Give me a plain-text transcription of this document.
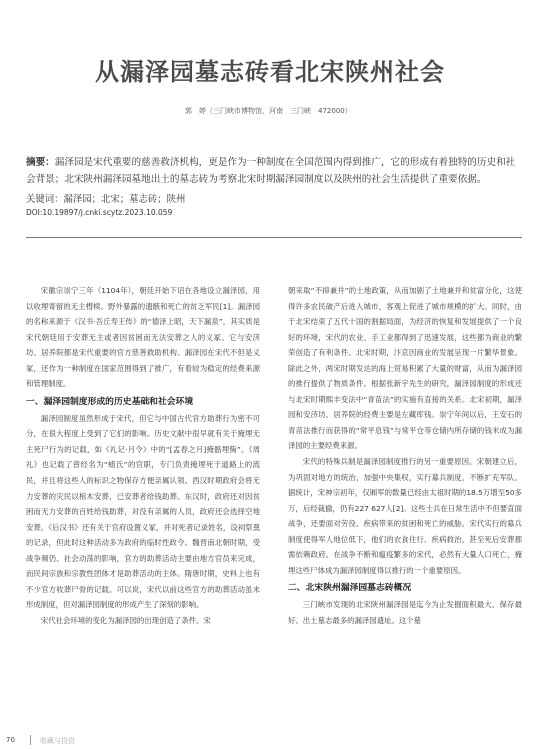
从漏泽园墓志砖看北宋陕州社会
郭　婷（三门峡市博物馆，河南　三门峡　472000）
摘要：漏泽园是宋代重要的慈善救济机构，更是作为一种制度在全国范围内得到推广，它的形成有着独特的历史和社会背景；北宋陕州漏泽园墓地出土的墓志砖为考察北宋时期漏泽园制度以及陕州的社会生活提供了重要依据。
关键词：漏泽园；北宋；墓志砖；陕州
DOI:10.19897/j.cnki.scytz.2023.10.059

宋徽宗崇宁三年（1104年），朝廷开始下诏在各地设立漏泽园，用以收埋寄留的无主槥椟、野外暴露的遗骸和死亡的贫乏军民[1]。漏泽园的名称来源于《汉书·吾丘寿王传》的“德泽上昭，天下漏泉”，其实质是宋代朝廷用于安葬无主或者因贫困而无法安葬之人的义冢。它与安济坊、居养院都是宋代重要的官方慈善救助机构。漏泽园在宋代不但是义冢，还作为一种制度在国家范围得到了推广，有着较为稳定的经费来源和管理制度。

一、漏泽园制度形成的历史基础和社会环境

漏泽园制度虽然形成于宋代，但它与中国古代官方助葬行为密不可分，在很大程度上受到了它们的影响。历史文献中很早就有关于掩埋无主死尸行为的记载，如《礼记·月令》中的“[孟春之月]掩骼埋胔”。《周礼》也记载了曾经名为“蜡氏”的官职，专门负责掩埋死于道路上的流民，并且将这些人的标识之物保存方便亲属认领。西汉时期政府会将无力安葬的灾民以棺木安葬，已安葬者给钱助葬。东汉时，政府还对因贫困而无力安葬的百姓给钱助葬，对没有亲属的人员，政府还会选择空地安葬。《后汉书》还有关于官府设置义冢，并对死者记录姓名，设祠祭奠的记录，但此时这种活动多为政府的临时性政令。魏晋南北朝时期，受战争频仍、社会动荡的影响，官方的助葬活动主要由地方官员来完成，而民间宗族和宗教性团体才是助葬活动的主体。隋唐时期，史料上也有不少官方收葬尸骨的记载。可以说，宋代以前这些官方的助葬活动虽未形成制度，但对漏泽园制度的形成产生了深刻的影响。

宋代社会环境的变化为漏泽园的出现创造了条件。宋

朝采取“不抑兼并”的土地政策，从而加剧了土地兼并和贫富分化，这使得许多农民破产后进入城市，客观上促进了城市规模的扩大。同时，由于北宋结束了五代十国的割据局面，为经济的恢复和发展提供了一个良好的环境，宋代的农业、手工业都得到了迅速发展，这些都为商业的繁荣创造了有利条件。北宋时期，汴京因商业的发展呈现一片繁华景象。除此之外，两宋时期发达的海上贸易积累了大量的财富，从而为漏泽园的推行提供了物质条件。根据张新宇先生的研究，漏泽园制度的形成还与北宋时期熙丰变法中“青苗法”的实施有直接的关系。北宋初期，漏泽园和安济坊、居养院的经费主要是左藏库钱。崇宁年间以后，王安石的青苗法推行而获得的“常平息钱”与常平仓等仓储内所存储的钱米成为漏泽园的主要经费来源。

宋代的特殊兵制是漏泽园制度推行的另一重要原因。宋朝建立后，为巩固对地方的统治，加强中央集权，实行募兵制度，不断扩充军队。据统计，宋神宗初年，仅厢军的数量已经由太祖时期的18.5万增至50多万，后经裁撤，仍有227 627人[2]。这些士兵在日常生活中不但要直面战争，还要面对劳役、疾病带来的贫困和死亡的威胁。宋代实行的募兵制度使得军人地位低下，他们的衣食住行、疾病救治，甚至死后安葬都需依赖政府。在战争不断和瘟疫繁多的宋代，必然有大量人口死亡，掩埋这些尸体成为漏泽园制度得以推行的一个重要原因。

二、北宋陕州漏泽园墓志砖概况

三门峡市发现的北宋陕州漏泽园是迄今为止发掘面积最大、保存最好、出土墓志最多的漏泽园遗址。这个墓

70	收藏与投资
